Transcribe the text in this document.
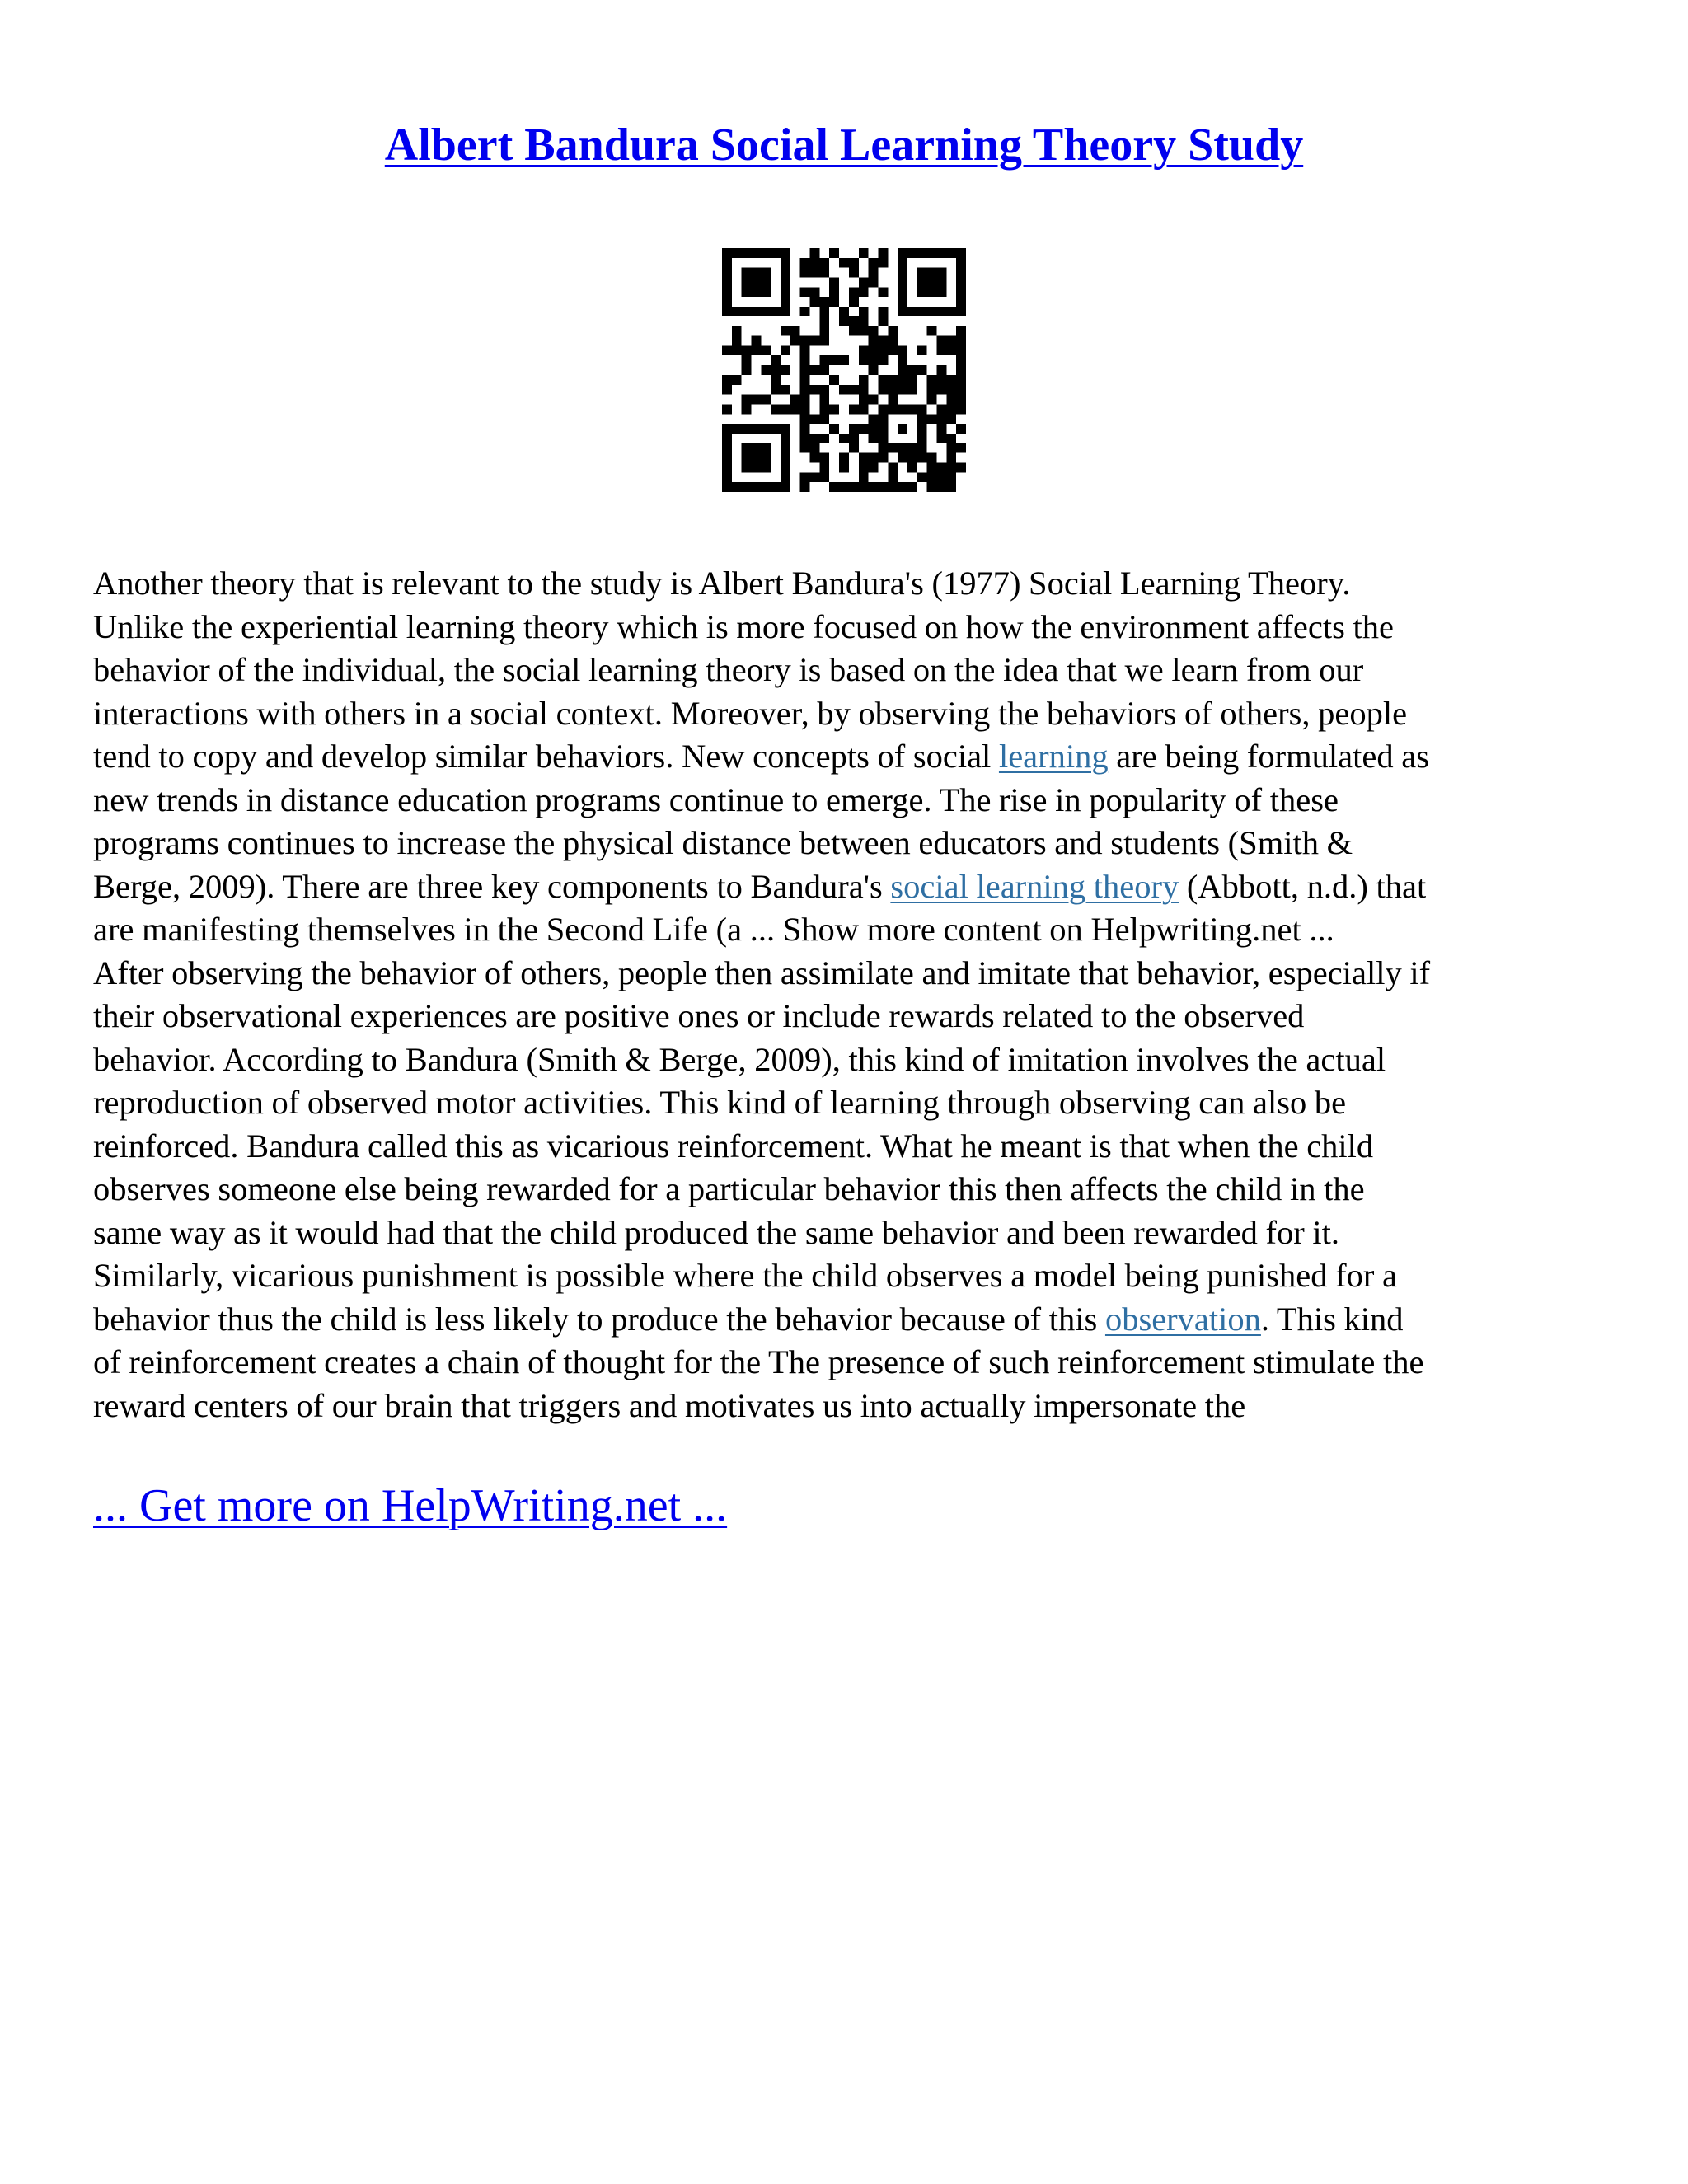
Albert Bandura Social Learning Theory Study
Another theory that is relevant to the study is Albert Bandura's (1977) Social Learning Theory.
Unlike the experiential learning theory which is more focused on how the environment affects the
behavior of the individual, the social learning theory is based on the idea that we learn from our
interactions with others in a social context. Moreover, by observing the behaviors of others, people
tend to copy and develop similar behaviors. New concepts of social learning are being formulated as
new trends in distance education programs continue to emerge. The rise in popularity of these
programs continues to increase the physical distance between educators and students (Smith &
Berge, 2009). There are three key components to Bandura's social learning theory (Abbott, n.d.) that
are manifesting themselves in the Second Life (a ... Show more content on Helpwriting.net ...
After observing the behavior of others, people then assimilate and imitate that behavior, especially if
their observational experiences are positive ones or include rewards related to the observed
behavior. According to Bandura (Smith & Berge, 2009), this kind of imitation involves the actual
reproduction of observed motor activities. This kind of learning through observing can also be
reinforced. Bandura called this as vicarious reinforcement. What he meant is that when the child
observes someone else being rewarded for a particular behavior this then affects the child in the
same way as it would had that the child produced the same behavior and been rewarded for it.
Similarly, vicarious punishment is possible where the child observes a model being punished for a
behavior thus the child is less likely to produce the behavior because of this observation. This kind
of reinforcement creates a chain of thought for the The presence of such reinforcement stimulate the
reward centers of our brain that triggers and motivates us into actually impersonate the

... Get more on HelpWriting.net ...
